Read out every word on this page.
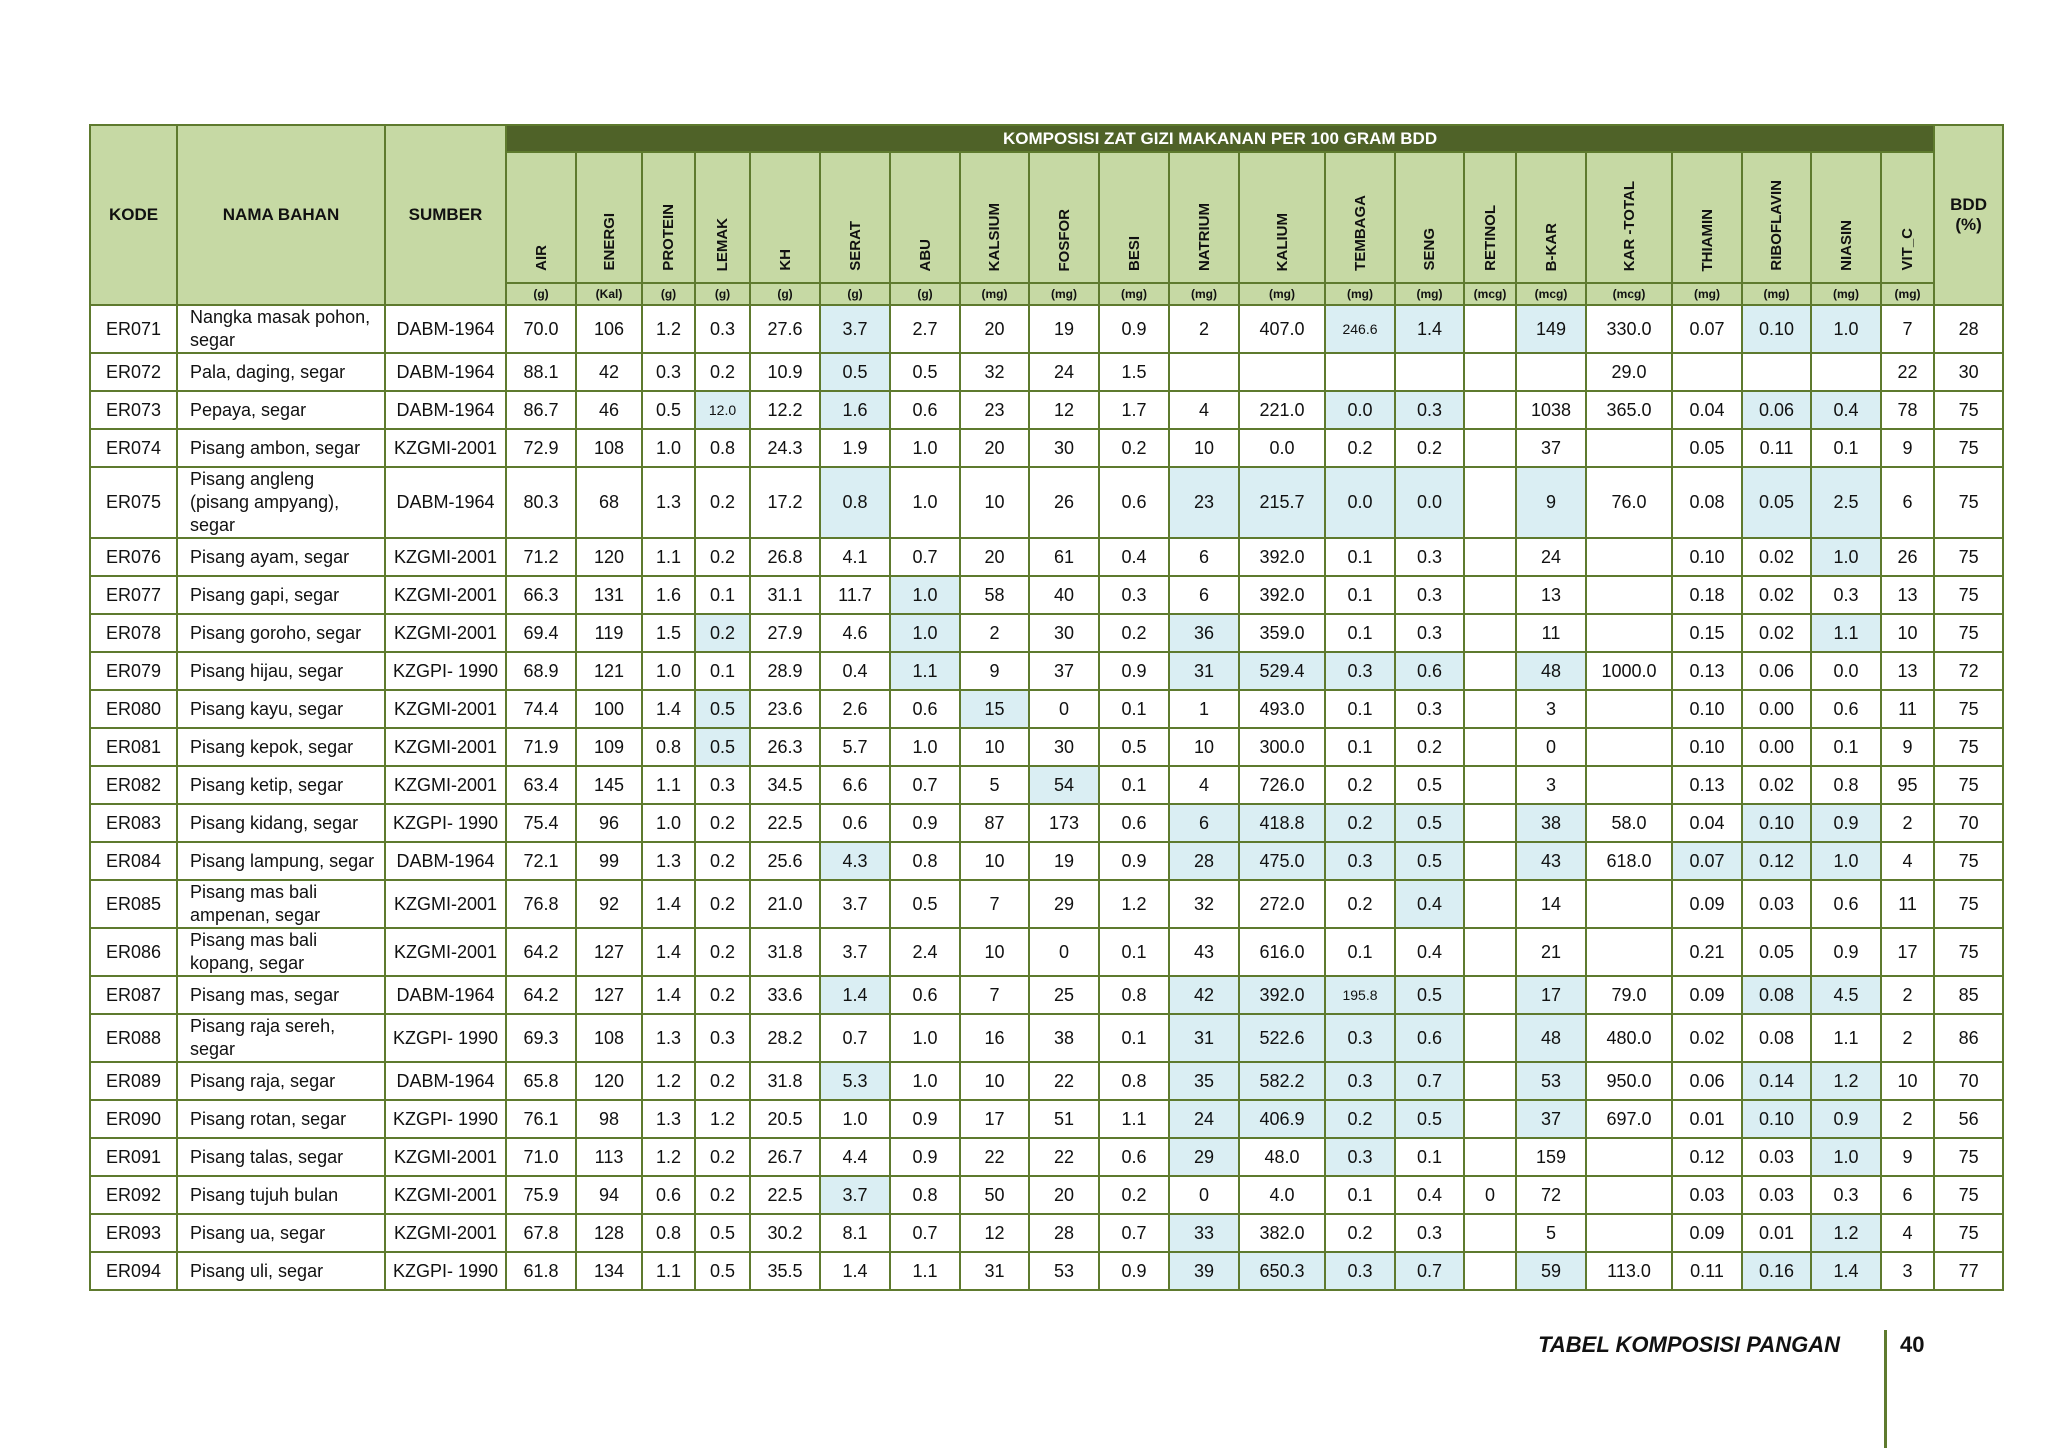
KODE	NAMA BAHAN	SUMBER	KOMPOSISI ZAT GIZI MAKANAN PER 100 GRAM BDD																					BDD (%)
			AIR	ENERGI	PROTEIN	LEMAK	KH	SERAT	ABU	KALSIUM	FOSFOR	BESI	NATRIUM	KALIUM	TEMBAGA	SENG	RETINOL	B-KAR	KAR -TOTAL	THIAMIN	RIBOFLAVIN	NIASIN	VIT_C	
			(g)	(Kal)	(g)	(g)	(g)	(g)	(g)	(mg)	(mg)	(mg)	(mg)	(mg)	(mg)	(mg)	(mcg)	(mcg)	(mcg)	(mg)	(mg)	(mg)	(mg)	
ER071	Nangka masak pohon, segar	DABM-1964	70.0	106	1.2	0.3	27.6	3.7	2.7	20	19	0.9	2	407.0	246.6	1.4		149	330.0	0.07	0.10	1.0	7	28
ER072	Pala, daging, segar	DABM-1964	88.1	42	0.3	0.2	10.9	0.5	0.5	32	24	1.5							29.0				22	30
ER073	Pepaya, segar	DABM-1964	86.7	46	0.5	12.0	12.2	1.6	0.6	23	12	1.7	4	221.0	0.0	0.3		1038	365.0	0.04	0.06	0.4	78	75
ER074	Pisang ambon, segar	KZGMI-2001	72.9	108	1.0	0.8	24.3	1.9	1.0	20	30	0.2	10	0.0	0.2	0.2		37		0.05	0.11	0.1	9	75
ER075	Pisang angleng (pisang ampyang), segar	DABM-1964	80.3	68	1.3	0.2	17.2	0.8	1.0	10	26	0.6	23	215.7	0.0	0.0		9	76.0	0.08	0.05	2.5	6	75
ER076	Pisang ayam, segar	KZGMI-2001	71.2	120	1.1	0.2	26.8	4.1	0.7	20	61	0.4	6	392.0	0.1	0.3		24		0.10	0.02	1.0	26	75
ER077	Pisang gapi, segar	KZGMI-2001	66.3	131	1.6	0.1	31.1	11.7	1.0	58	40	0.3	6	392.0	0.1	0.3		13		0.18	0.02	0.3	13	75
ER078	Pisang goroho, segar	KZGMI-2001	69.4	119	1.5	0.2	27.9	4.6	1.0	2	30	0.2	36	359.0	0.1	0.3		11		0.15	0.02	1.1	10	75
ER079	Pisang hijau, segar	KZGPI- 1990	68.9	121	1.0	0.1	28.9	0.4	1.1	9	37	0.9	31	529.4	0.3	0.6		48	1000.0	0.13	0.06	0.0	13	72
ER080	Pisang kayu, segar	KZGMI-2001	74.4	100	1.4	0.5	23.6	2.6	0.6	15	0	0.1	1	493.0	0.1	0.3		3		0.10	0.00	0.6	11	75
ER081	Pisang kepok, segar	KZGMI-2001	71.9	109	0.8	0.5	26.3	5.7	1.0	10	30	0.5	10	300.0	0.1	0.2		0		0.10	0.00	0.1	9	75
ER082	Pisang ketip, segar	KZGMI-2001	63.4	145	1.1	0.3	34.5	6.6	0.7	5	54	0.1	4	726.0	0.2	0.5		3		0.13	0.02	0.8	95	75
ER083	Pisang kidang, segar	KZGPI- 1990	75.4	96	1.0	0.2	22.5	0.6	0.9	87	173	0.6	6	418.8	0.2	0.5		38	58.0	0.04	0.10	0.9	2	70
ER084	Pisang lampung, segar	DABM-1964	72.1	99	1.3	0.2	25.6	4.3	0.8	10	19	0.9	28	475.0	0.3	0.5		43	618.0	0.07	0.12	1.0	4	75
ER085	Pisang mas bali ampenan, segar	KZGMI-2001	76.8	92	1.4	0.2	21.0	3.7	0.5	7	29	1.2	32	272.0	0.2	0.4		14		0.09	0.03	0.6	11	75
ER086	Pisang mas bali kopang, segar	KZGMI-2001	64.2	127	1.4	0.2	31.8	3.7	2.4	10	0	0.1	43	616.0	0.1	0.4		21		0.21	0.05	0.9	17	75
ER087	Pisang mas, segar	DABM-1964	64.2	127	1.4	0.2	33.6	1.4	0.6	7	25	0.8	42	392.0	195.8	0.5		17	79.0	0.09	0.08	4.5	2	85
ER088	Pisang raja sereh, segar	KZGPI- 1990	69.3	108	1.3	0.3	28.2	0.7	1.0	16	38	0.1	31	522.6	0.3	0.6		48	480.0	0.02	0.08	1.1	2	86
ER089	Pisang raja, segar	DABM-1964	65.8	120	1.2	0.2	31.8	5.3	1.0	10	22	0.8	35	582.2	0.3	0.7		53	950.0	0.06	0.14	1.2	10	70
ER090	Pisang rotan, segar	KZGPI- 1990	76.1	98	1.3	1.2	20.5	1.0	0.9	17	51	1.1	24	406.9	0.2	0.5		37	697.0	0.01	0.10	0.9	2	56
ER091	Pisang talas, segar	KZGMI-2001	71.0	113	1.2	0.2	26.7	4.4	0.9	22	22	0.6	29	48.0	0.3	0.1		159		0.12	0.03	1.0	9	75
ER092	Pisang tujuh bulan	KZGMI-2001	75.9	94	0.6	0.2	22.5	3.7	0.8	50	20	0.2	0	4.0	0.1	0.4	0	72		0.03	0.03	0.3	6	75
ER093	Pisang ua, segar	KZGMI-2001	67.8	128	0.8	0.5	30.2	8.1	0.7	12	28	0.7	33	382.0	0.2	0.3		5		0.09	0.01	1.2	4	75
ER094	Pisang uli, segar	KZGPI- 1990	61.8	134	1.1	0.5	35.5	1.4	1.1	31	53	0.9	39	650.3	0.3	0.7		59	113.0	0.11	0.16	1.4	3	77
TABEL KOMPOSISI PANGAN	40
